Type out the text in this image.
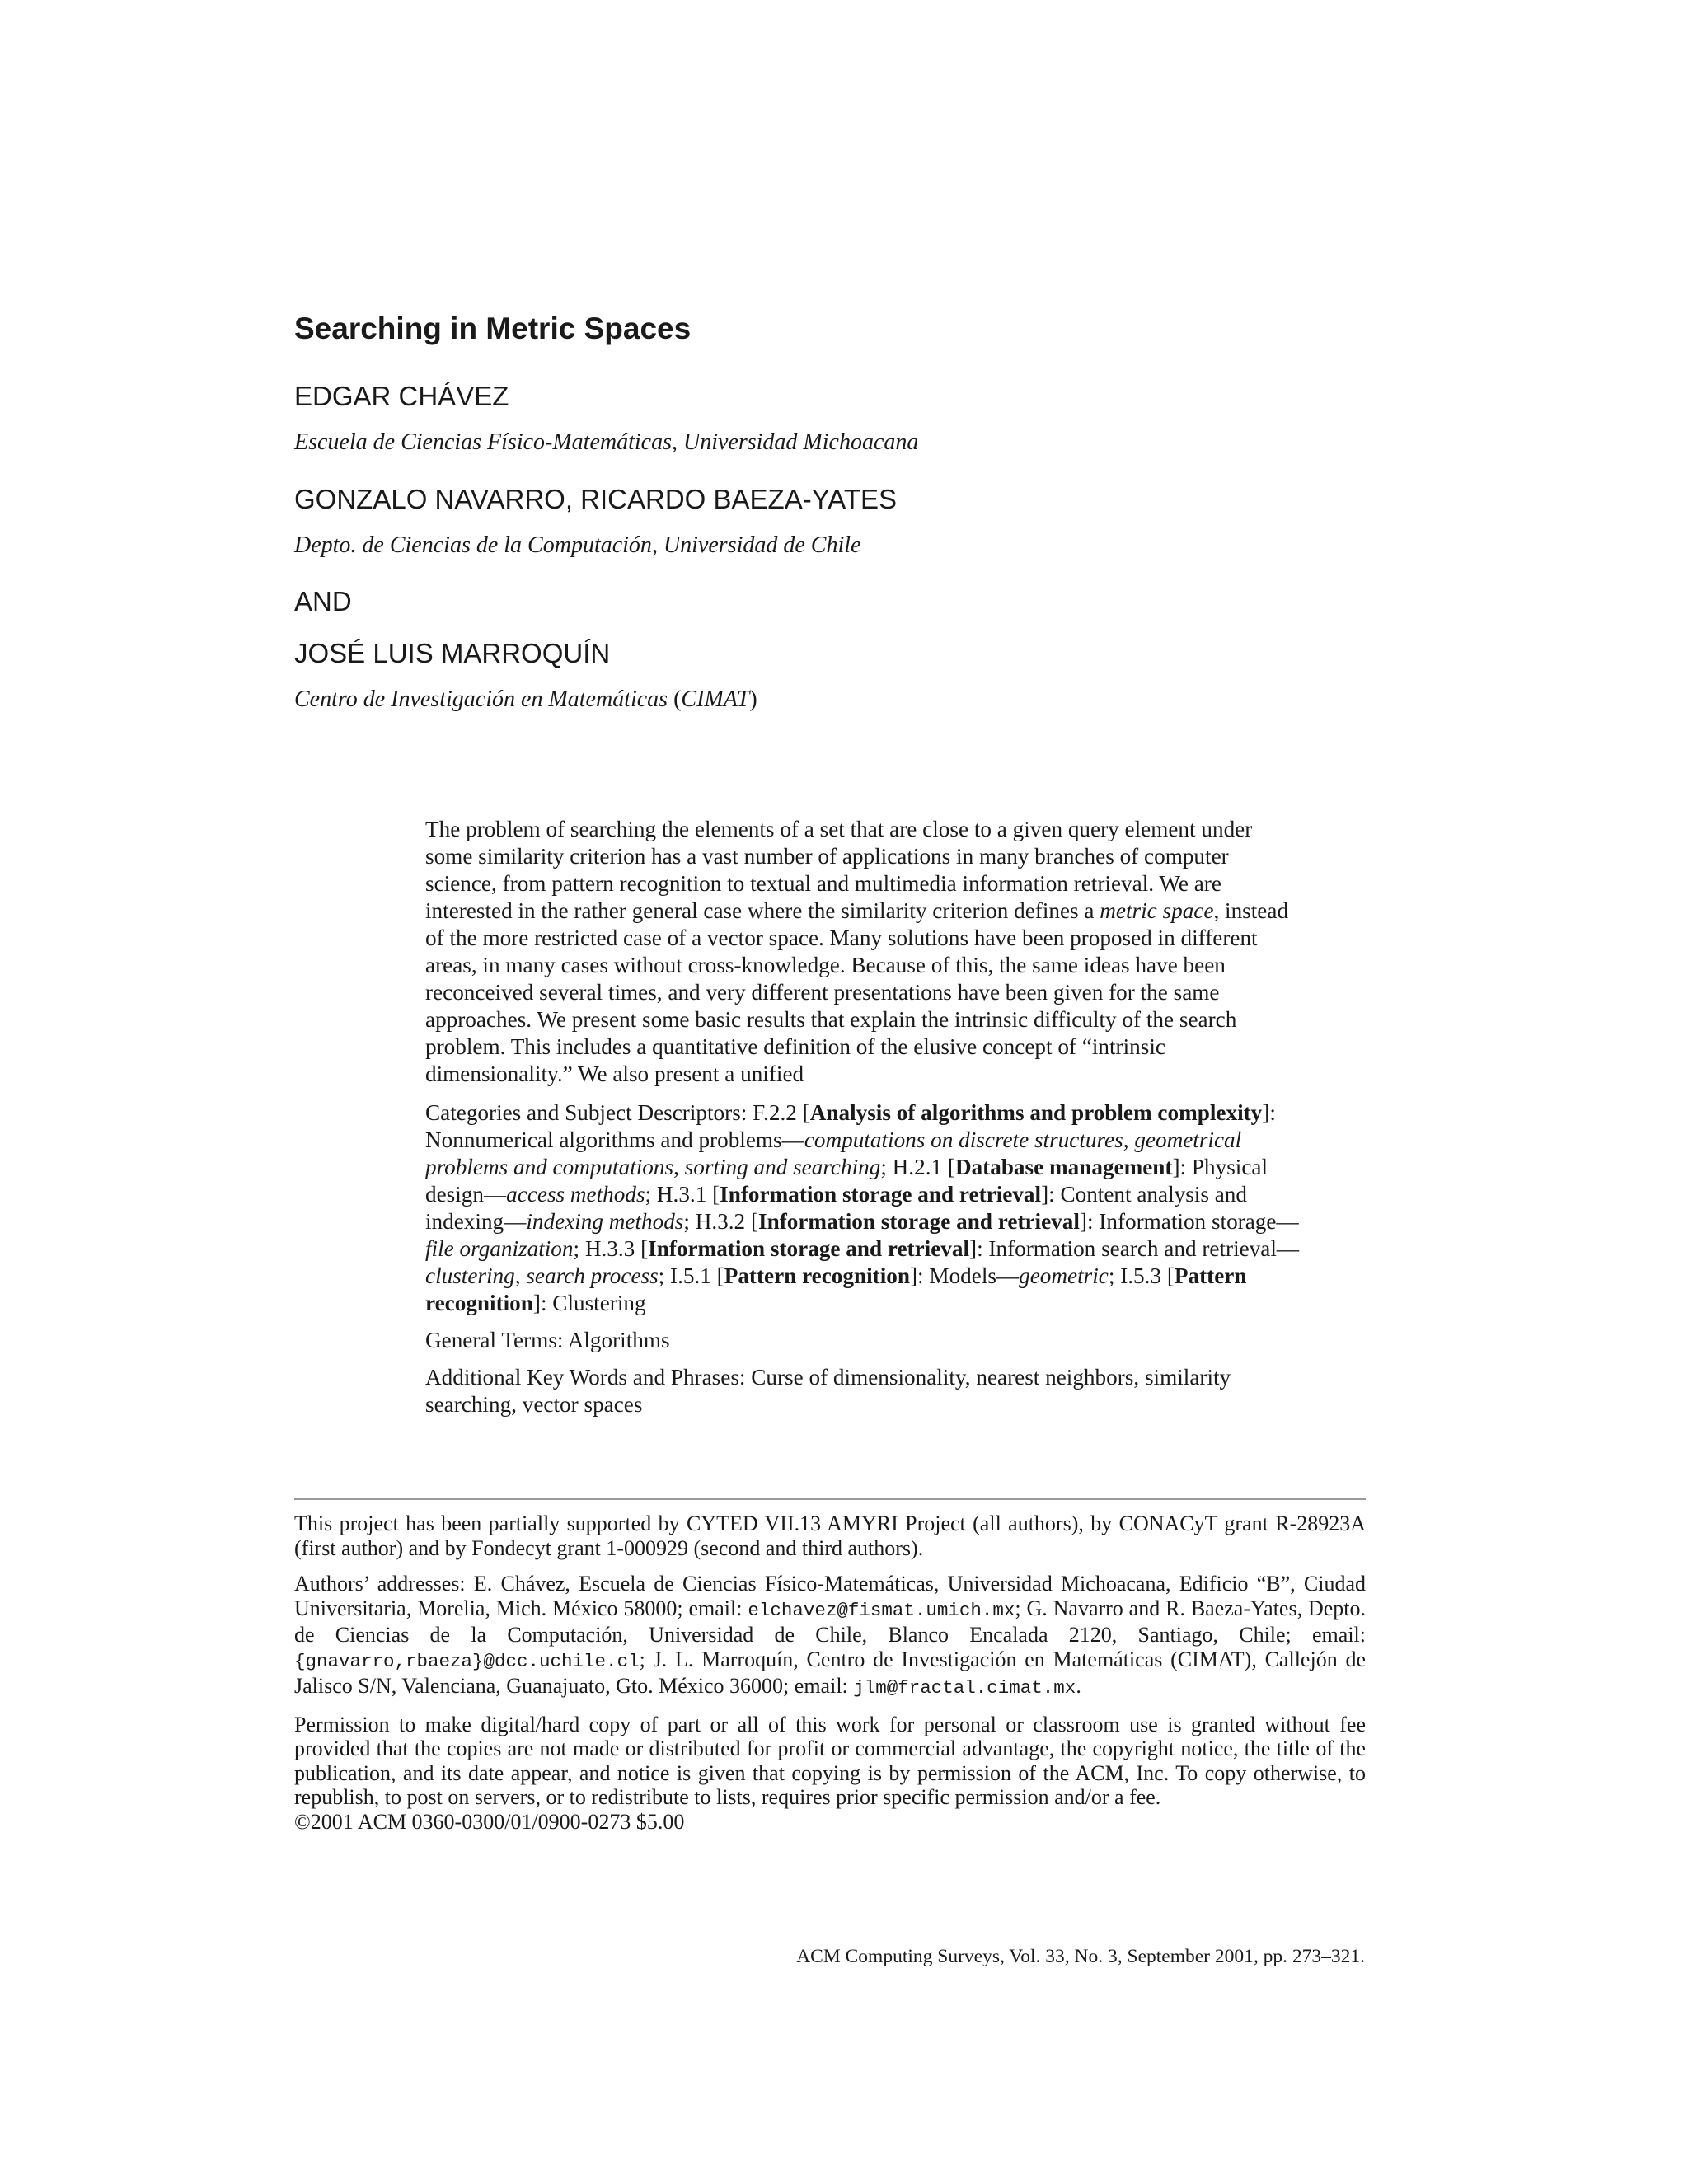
Searching in Metric Spaces

EDGAR CHÁVEZ

Escuela de Ciencias Físico-Matemáticas, Universidad Michoacana

GONZALO NAVARRO, RICARDO BAEZA-YATES

Depto. de Ciencias de la Computación, Universidad de Chile

AND

JOSÉ LUIS MARROQUÍN

Centro de Investigación en Matemáticas (CIMAT)

The problem of searching the elements of a set that are close to a given query element under some similarity criterion has a vast number of applications in many branches of computer science, from pattern recognition to textual and multimedia information retrieval. We are interested in the rather general case where the similarity criterion defines a metric space, instead of the more restricted case of a vector space. Many solutions have been proposed in different areas, in many cases without cross-knowledge. Because of this, the same ideas have been reconceived several times, and very different presentations have been given for the same approaches. We present some basic results that explain the intrinsic difficulty of the search problem. This includes a quantitative definition of the elusive concept of “intrinsic dimensionality.” We also present a unified

Categories and Subject Descriptors: F.2.2 [Analysis of algorithms and problem complexity]: Nonnumerical algorithms and problems—computations on discrete structures, geometrical problems and computations, sorting and searching; H.2.1 [Database management]: Physical design—access methods; H.3.1 [Information storage and retrieval]: Content analysis and indexing—indexing methods; H.3.2 [Information storage and retrieval]: Information storage—file organization; H.3.3 [Information storage and retrieval]: Information search and retrieval—clustering, search process; I.5.1 [Pattern recognition]: Models—geometric; I.5.3 [Pattern recognition]: Clustering

General Terms: Algorithms

Additional Key Words and Phrases: Curse of dimensionality, nearest neighbors, similarity searching, vector spaces

This project has been partially supported by CYTED VII.13 AMYRI Project (all authors), by CONACyT grant R-28923A (first author) and by Fondecyt grant 1-000929 (second and third authors).

Authors’ addresses: E. Chávez, Escuela de Ciencias Físico-Matemáticas, Universidad Michoacana, Edificio “B”, Ciudad Universitaria, Morelia, Mich. México 58000; email: elchavez@fismat.umich.mx; G. Navarro and R. Baeza-Yates, Depto. de Ciencias de la Computación, Universidad de Chile, Blanco Encalada 2120, Santiago, Chile; email: {gnavarro,rbaeza}@dcc.uchile.cl; J. L. Marroquín, Centro de Investigación en Matemáticas (CIMAT), Callejón de Jalisco S/N, Valenciana, Guanajuato, Gto. México 36000; email: jlm@fractal.cimat.mx.

Permission to make digital/hard copy of part or all of this work for personal or classroom use is granted without fee provided that the copies are not made or distributed for profit or commercial advantage, the copyright notice, the title of the publication, and its date appear, and notice is given that copying is by permission of the ACM, Inc. To copy otherwise, to republish, to post on servers, or to redistribute to lists, requires prior specific permission and/or a fee.

©2001 ACM 0360-0300/01/0900-0273 $5.00

ACM Computing Surveys, Vol. 33, No. 3, September 2001, pp. 273–321.
